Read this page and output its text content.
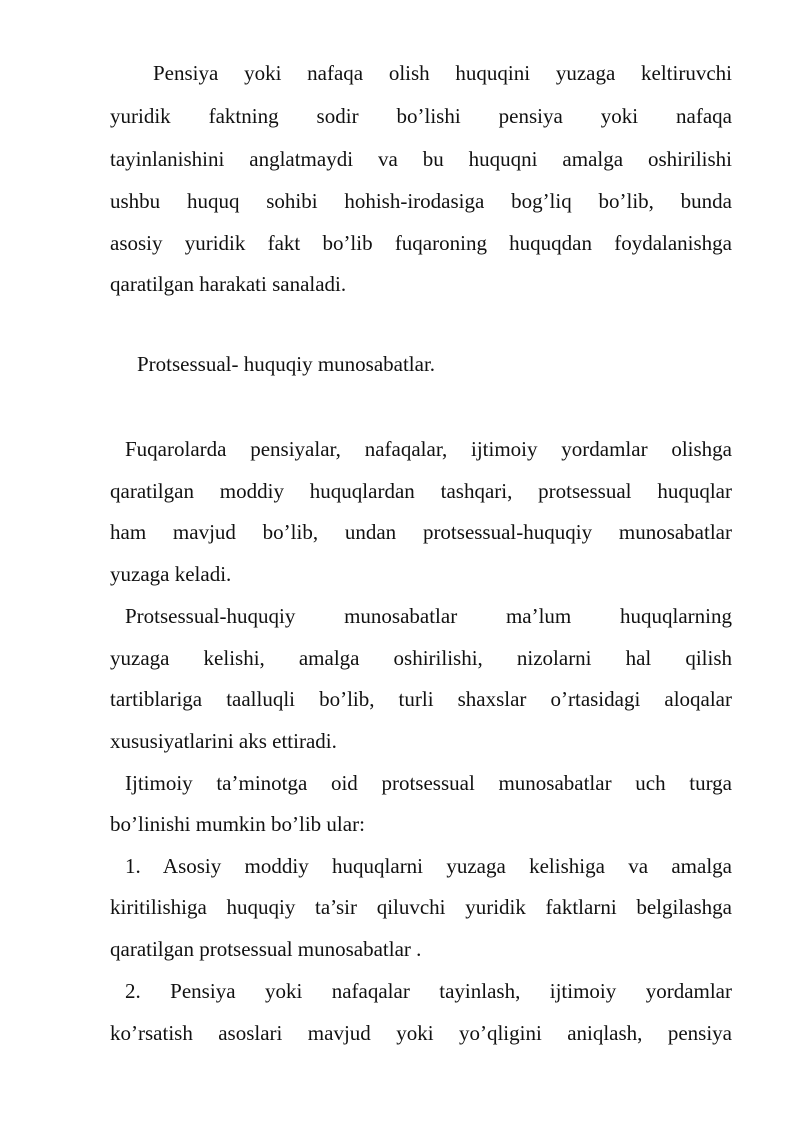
Pensiya yoki nafaqa olish huquqini yuzaga keltiruvchi
yuridik faktning sodir bo’lishi pensiya yoki nafaqa
tayinlanishini anglatmaydi va bu huquqni amalga oshirilishi
ushbu huquq sohibi hohish-irodasiga bog’liq bo’lib, bunda
asosiy yuridik fakt bo’lib fuqaroning huquqdan foydalanishga
qaratilgan harakati sanaladi.
Protsessual- huquqiy munosabatlar.
Fuqarolarda pensiyalar, nafaqalar, ijtimoiy yordamlar olishga
qaratilgan moddiy huquqlardan tashqari, protsessual huquqlar
ham mavjud bo’lib, undan protsessual-huquqiy munosabatlar
yuzaga keladi.
Protsessual-huquqiy munosabatlar ma’lum huquqlarning
yuzaga kelishi, amalga oshirilishi, nizolarni hal qilish
tartiblariga taalluqli bo’lib, turli shaxslar o’rtasidagi aloqalar
xususiyatlarini aks ettiradi.
Ijtimoiy ta’minotga oid protsessual munosabatlar uch turga
bo’linishi mumkin bo’lib ular:
1. Asosiy moddiy huquqlarni yuzaga kelishiga va amalga
kiritilishiga huquqiy ta’sir qiluvchi yuridik faktlarni belgilashga
qaratilgan protsessual munosabatlar .
2. Pensiya yoki nafaqalar tayinlash, ijtimoiy yordamlar
ko’rsatish asoslari mavjud yoki yo’qligini aniqlash, pensiya
